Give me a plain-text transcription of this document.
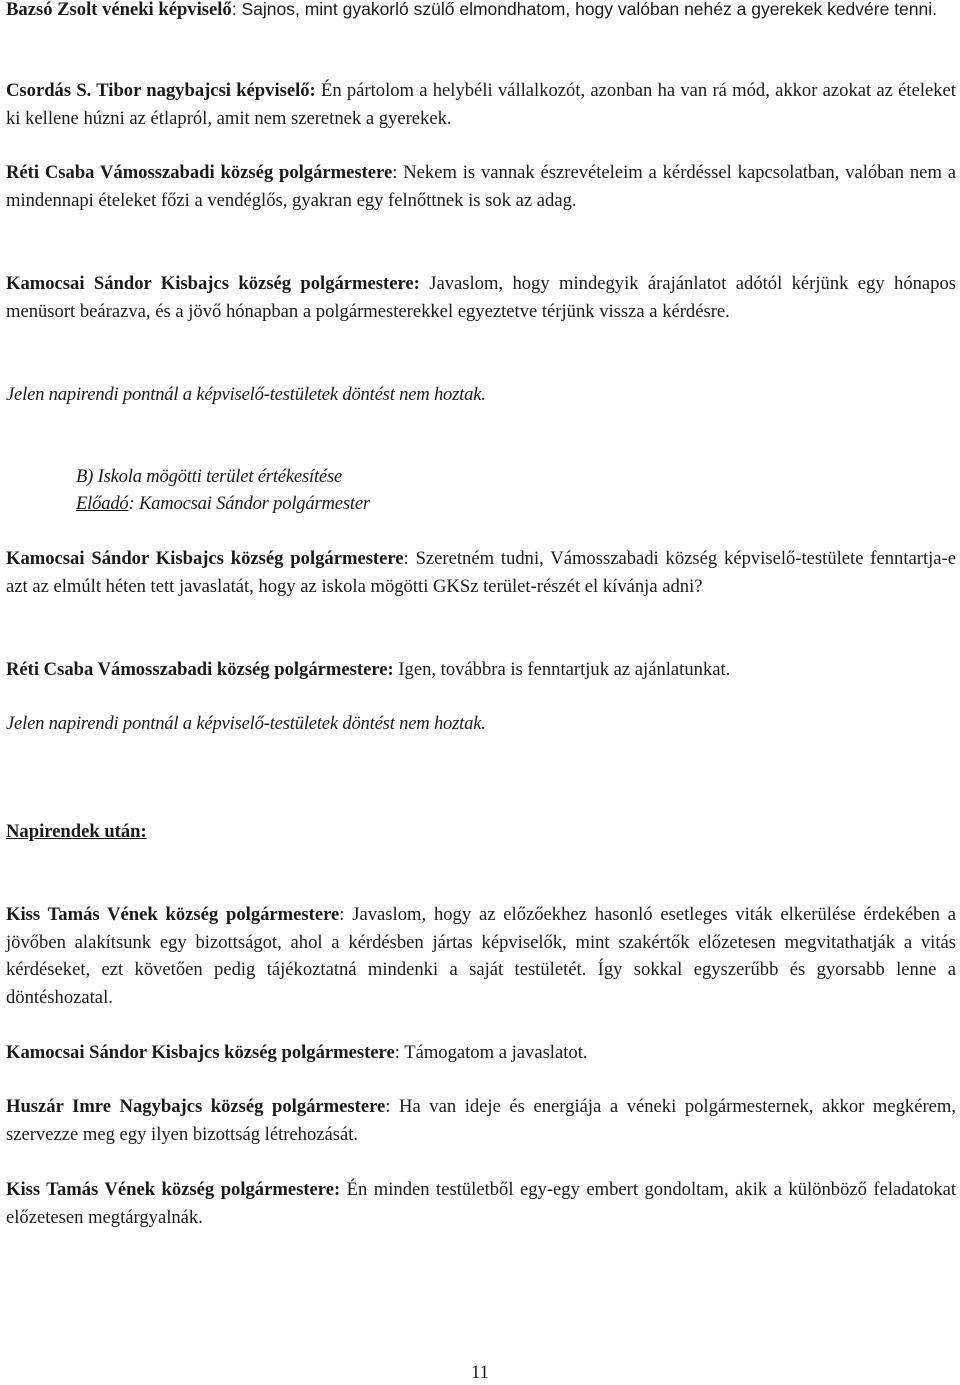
Bazsó Zsolt véneki képviselő: Sajnos, mint gyakorló szülő elmondhatom, hogy valóban nehéz a gyerekek kedvére tenni.

Csordás S. Tibor nagybajcsi képviselő: Én pártolom a helybéli vállalkozót, azonban ha van rá mód, akkor azokat az ételeket ki kellene húzni az étlapról, amit nem szeretnek a gyerekek.

Réti Csaba Vámosszabadi község polgármestere: Nekem is vannak észrevételeim a kérdéssel kapcsolatban, valóban nem a mindennapi ételeket főzi a vendéglős, gyakran egy felnőttnek is sok az adag.

Kamocsai Sándor Kisbajcs község polgármestere: Javaslom, hogy mindegyik árajánlatot adótól kérjünk egy hónapos menüsort beárazva, és a jövő hónapban a polgármesterekkel egyeztetve térjünk vissza a kérdésre.

Jelen napirendi pontnál a képviselő-testületek döntést nem hoztak.

B) Iskola mögötti terület értékesítése

Előadó: Kamocsai Sándor polgármester

Kamocsai Sándor Kisbajcs község polgármestere: Szeretném tudni, Vámosszabadi község képviselő-testülete fenntartja-e azt az elmúlt héten tett javaslatát, hogy az iskola mögötti GKSz terület-részét el kívánja adni?

Réti Csaba Vámosszabadi község polgármestere: Igen, továbbra is fenntartjuk az ajánlatunkat.

Jelen napirendi pontnál a képviselő-testületek döntést nem hoztak.

Napirendek után:

Kiss Tamás Vének község polgármestere: Javaslom, hogy az előzőekhez hasonló esetleges viták elkerülése érdekében a jövőben alakítsunk egy bizottságot, ahol a kérdésben jártas képviselők, mint szakértők előzetesen megvitathatják a vitás kérdéseket, ezt követően pedig tájékoztatná mindenki a saját testületét. Így sokkal egyszerűbb és gyorsabb lenne a döntéshozatal.

Kamocsai Sándor Kisbajcs község polgármestere: Támogatom a javaslatot.

Huszár Imre Nagybajcs község polgármestere: Ha van ideje és energiája a véneki polgármesternek, akkor megkérem, szervezze meg egy ilyen bizottság létrehozását.

Kiss Tamás Vének község polgármestere: Én minden testületből egy-egy embert gondoltam, akik a különböző feladatokat előzetesen megtárgyalnák.

11
